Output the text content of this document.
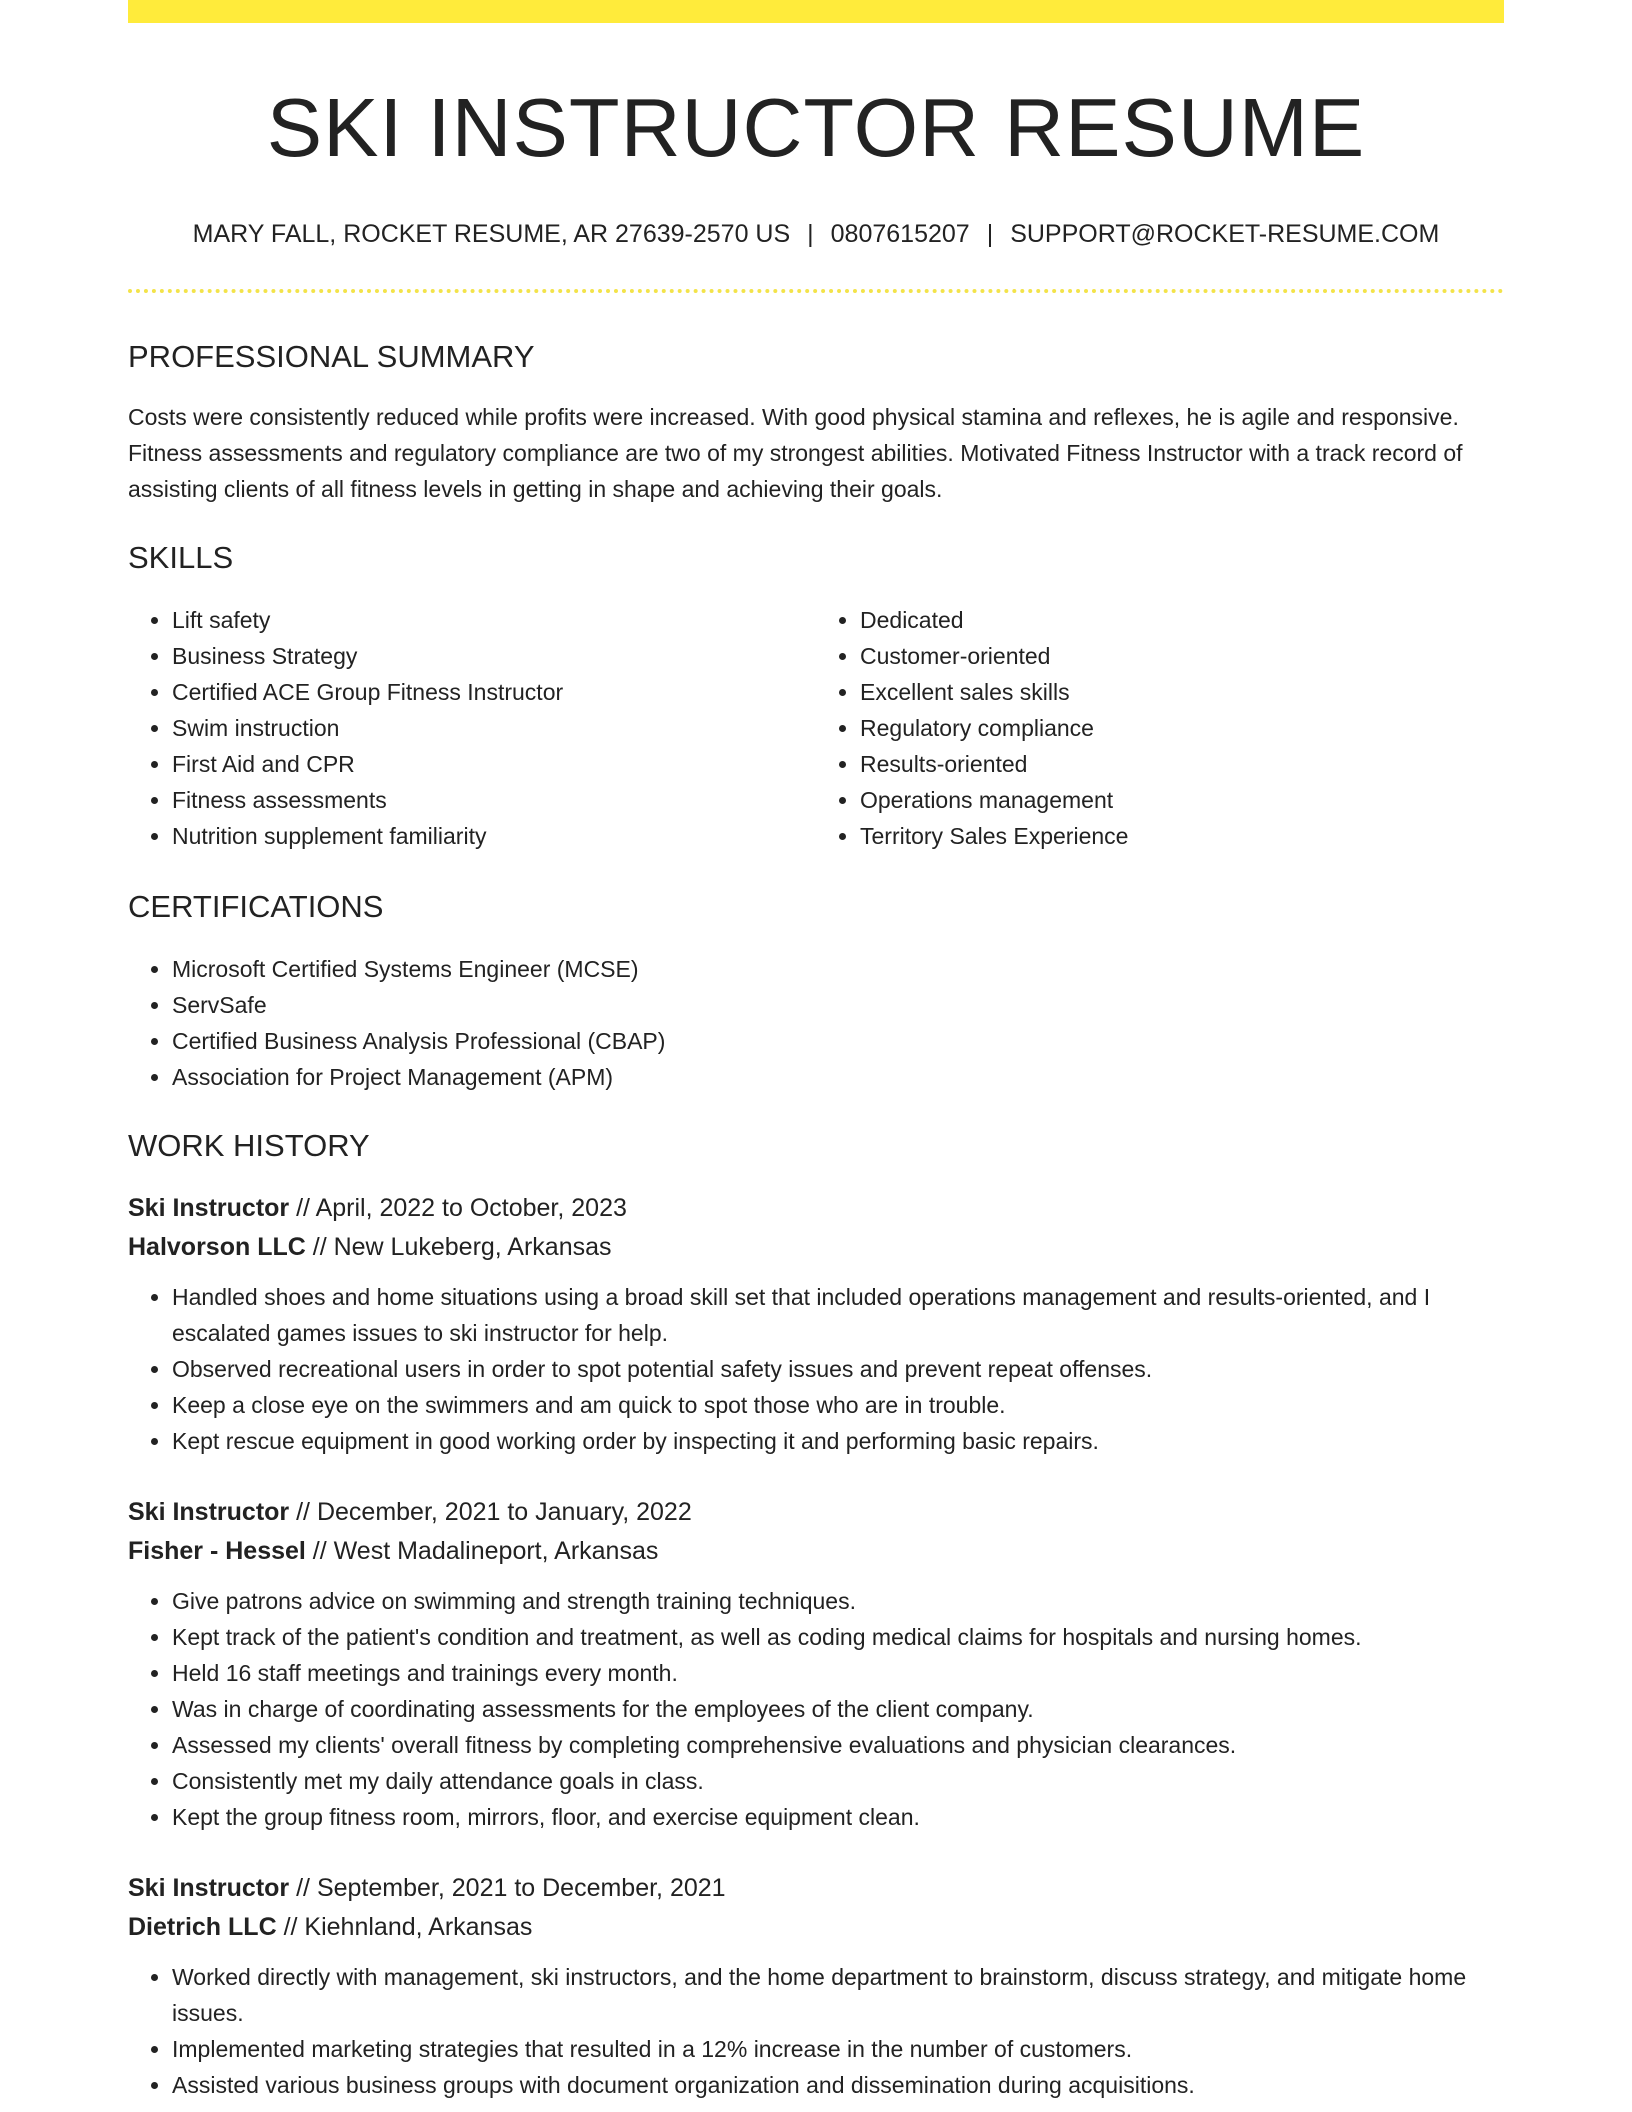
SKI INSTRUCTOR RESUME
MARY FALL, ROCKET RESUME, AR 27639-2570 US | 0807615207 | SUPPORT@ROCKET-RESUME.COM
PROFESSIONAL SUMMARY

Costs were consistently reduced while profits were increased. With good physical stamina and reflexes, he is agile and responsive. Fitness assessments and regulatory compliance are two of my strongest abilities. Motivated Fitness Instructor with a track record of assisting clients of all fitness levels in getting in shape and achieving their goals.

SKILLS
• Lift safety
• Business Strategy
• Certified ACE Group Fitness Instructor
• Swim instruction
• First Aid and CPR
• Fitness assessments
• Nutrition supplement familiarity
• Dedicated
• Customer-oriented
• Excellent sales skills
• Regulatory compliance
• Results-oriented
• Operations management
• Territory Sales Experience
CERTIFICATIONS
• Microsoft Certified Systems Engineer (MCSE)
• ServSafe
• Certified Business Analysis Professional (CBAP)
• Association for Project Management (APM)
WORK HISTORY
Ski Instructor // April, 2022 to October, 2023
Halvorson LLC // New Lukeberg, Arkansas
• Handled shoes and home situations using a broad skill set that included operations management and results-oriented, and I escalated games issues to ski instructor for help.
• Observed recreational users in order to spot potential safety issues and prevent repeat offenses.
• Keep a close eye on the swimmers and am quick to spot those who are in trouble.
• Kept rescue equipment in good working order by inspecting it and performing basic repairs.
Ski Instructor // December, 2021 to January, 2022
Fisher - Hessel // West Madalineport, Arkansas
• Give patrons advice on swimming and strength training techniques.
• Kept track of the patient's condition and treatment, as well as coding medical claims for hospitals and nursing homes.
• Held 16 staff meetings and trainings every month.
• Was in charge of coordinating assessments for the employees of the client company.
• Assessed my clients' overall fitness by completing comprehensive evaluations and physician clearances.
• Consistently met my daily attendance goals in class.
• Kept the group fitness room, mirrors, floor, and exercise equipment clean.
Ski Instructor // September, 2021 to December, 2021
Dietrich LLC // Kiehnland, Arkansas
• Worked directly with management, ski instructors, and the home department to brainstorm, discuss strategy, and mitigate home issues.
• Implemented marketing strategies that resulted in a 12% increase in the number of customers.
• Assisted various business groups with document organization and dissemination during acquisitions.
